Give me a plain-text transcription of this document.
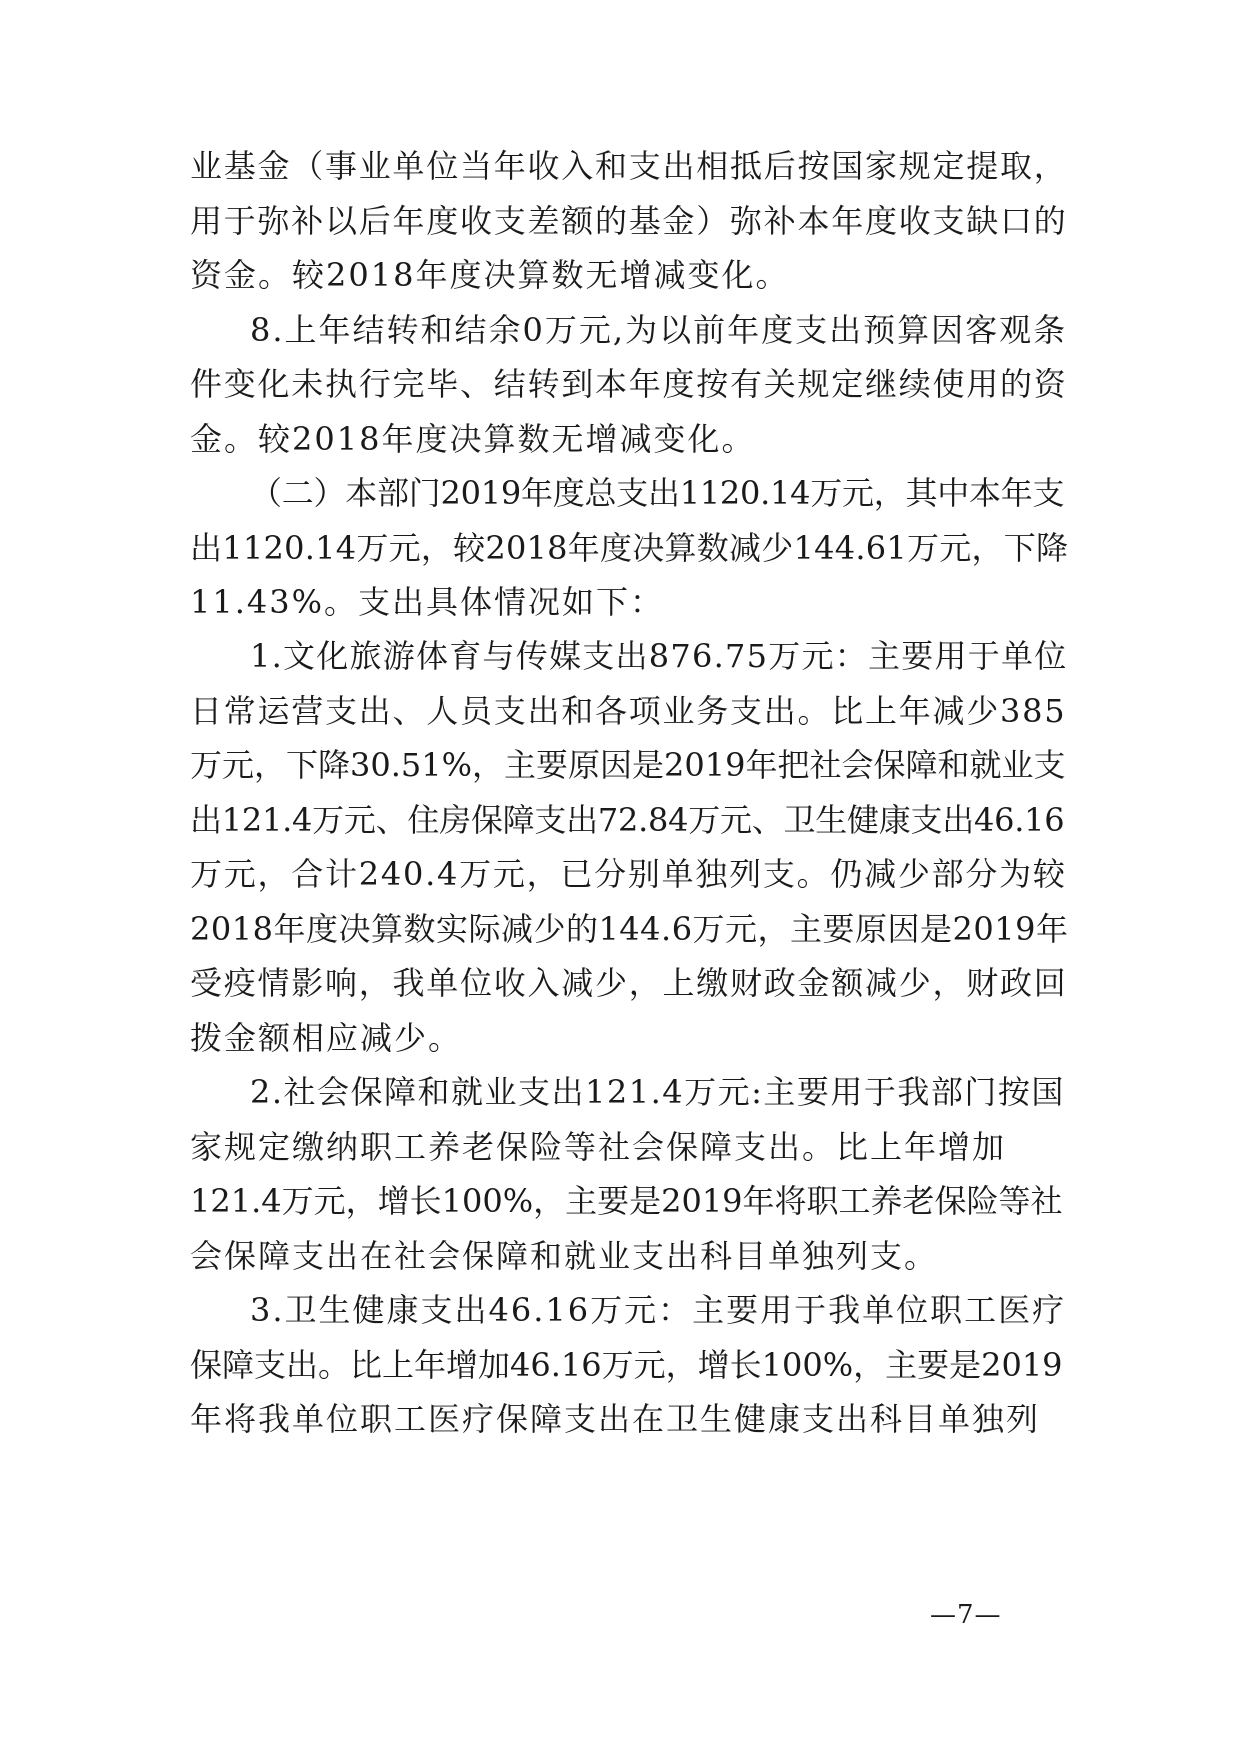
业基金（事业单位当年收入和支出相抵后按国家规定提取，
用于弥补以后年度收支差额的基金）弥补本年度收支缺口的
资金。较2018年度决算数无增减变化。
8.上年结转和结余0万元,为以前年度支出预算因客观条
件变化未执行完毕、结转到本年度按有关规定继续使用的资
金。较2018年度决算数无增减变化。
（二）本部门2019年度总支出1120.14万元，其中本年支
出1120.14万元，较2018年度决算数减少144.61万元，下降
11.43%。支出具体情况如下：
1.文化旅游体育与传媒支出876.75万元：主要用于单位
日常运营支出、人员支出和各项业务支出。比上年减少385
万元，下降30.51%，主要原因是2019年把社会保障和就业支
出121.4万元、住房保障支出72.84万元、卫生健康支出46.16
万元，合计240.4万元，已分别单独列支。仍减少部分为较
2018年度决算数实际减少的144.6万元，主要原因是2019年
受疫情影响，我单位收入减少，上缴财政金额减少，财政回
拨金额相应减少。
2.社会保障和就业支出121.4万元:主要用于我部门按国
家规定缴纳职工养老保险等社会保障支出。比上年增加
121.4万元，增长100%，主要是2019年将职工养老保险等社
会保障支出在社会保障和就业支出科目单独列支。
3.卫生健康支出46.16万元：主要用于我单位职工医疗
保障支出。比上年增加46.16万元，增长100%，主要是2019
年将我单位职工医疗保障支出在卫生健康支出科目单独列
—7—
